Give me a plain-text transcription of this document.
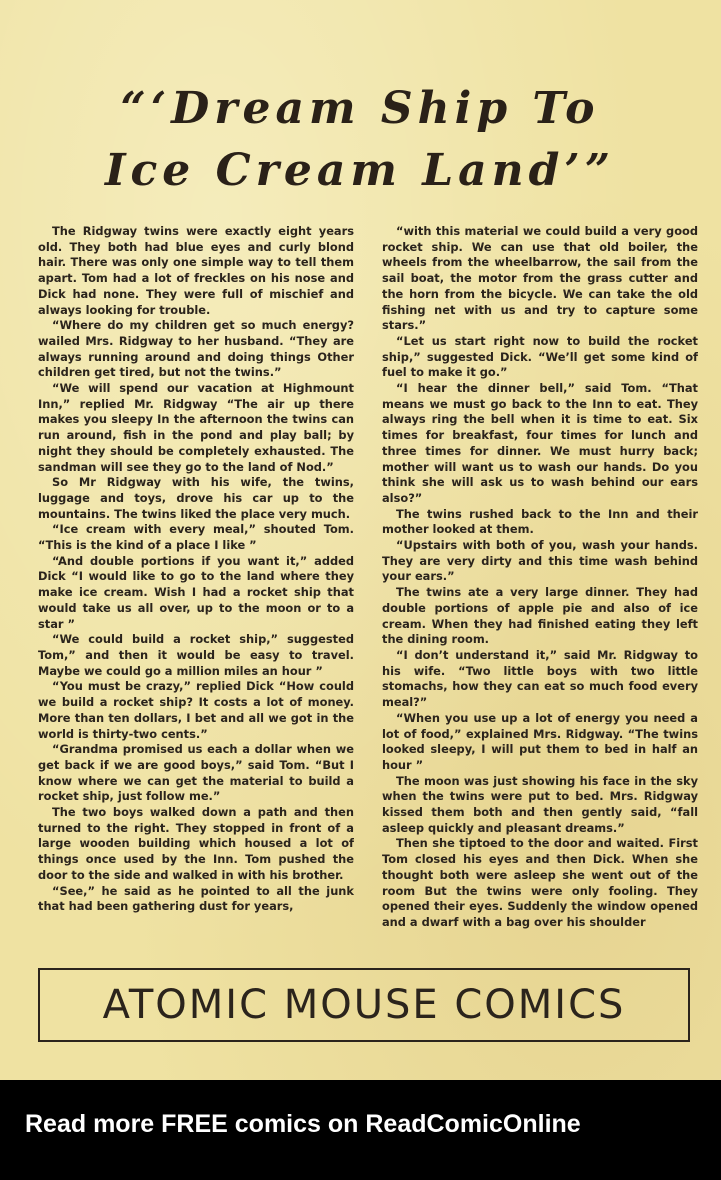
“‘Dream Ship To
Ice Cream Land’”

The Ridgway twins were exactly eight years old. They both had blue eyes and curly blond hair. There was only one simple way to tell them apart. Tom had a lot of freckles on his nose and Dick had none. They were full of mischief and always looking for trouble.

“Where do my children get so much energy? wailed Mrs. Ridgway to her husband. “They are always running around and doing things Other children get tired, but not the twins.”

“We will spend our vacation at Highmount Inn,” replied Mr. Ridgway “The air up there makes you sleepy In the afternoon the twins can run around, fish in the pond and play ball; by night they should be completely exhausted. The sandman will see they go to the land of Nod.”

So Mr Ridgway with his wife, the twins, luggage and toys, drove his car up to the mountains. The twins liked the place very much.

“Ice cream with every meal,” shouted Tom. “This is the kind of a place I like ”

“And double portions if you want it,” added Dick “I would like to go to the land where they make ice cream. Wish I had a rocket ship that would take us all over, up to the moon or to a star ”

“We could build a rocket ship,” suggested Tom,” and then it would be easy to travel. Maybe we could go a million miles an hour ”

“You must be crazy,” replied Dick “How could we build a rocket ship? It costs a lot of money. More than ten dollars, I bet and all we got in the world is thirty-two cents.”

“Grandma promised us each a dollar when we get back if we are good boys,” said Tom. “But I know where we can get the material to build a rocket ship, just follow me.”

The two boys walked down a path and then turned to the right. They stopped in front of a large wooden building which housed a lot of things once used by the Inn. Tom pushed the door to the side and walked in with his brother.

“See,” he said as he pointed to all the junk that had been gathering dust for years,

“with this material we could build a very good rocket ship. We can use that old boiler, the wheels from the wheelbarrow, the sail from the sail boat, the motor from the grass cutter and the horn from the bicycle. We can take the old fishing net with us and try to capture some stars.”

“Let us start right now to build the rocket ship,” suggested Dick. “We’ll get some kind of fuel to make it go.”

“I hear the dinner bell,” said Tom. “That means we must go back to the Inn to eat. They always ring the bell when it is time to eat. Six times for breakfast, four times for lunch and three times for dinner. We must hurry back; mother will want us to wash our hands. Do you think she will ask us to wash behind our ears also?”

The twins rushed back to the Inn and their mother looked at them.

“Upstairs with both of you, wash your hands. They are very dirty and this time wash behind your ears.”

The twins ate a very large dinner. They had double portions of apple pie and also of ice cream. When they had finished eating they left the dining room.

“I don’t understand it,” said Mr. Ridgway to his wife. “Two little boys with two little stomachs, how they can eat so much food every meal?”

“When you use up a lot of energy you need a lot of food,” explained Mrs. Ridgway. “The twins looked sleepy, I will put them to bed in half an hour ”

The moon was just showing his face in the sky when the twins were put to bed. Mrs. Ridgway kissed them both and then gently said, “fall asleep quickly and pleasant dreams.”

Then she tiptoed to the door and waited. First Tom closed his eyes and then Dick. When she thought both were asleep she went out of the room But the twins were only fooling. They opened their eyes. Suddenly the window opened and a dwarf with a bag over his shoulder

ATOMIC MOUSE COMICS
Read more FREE comics on ReadComicOnline
